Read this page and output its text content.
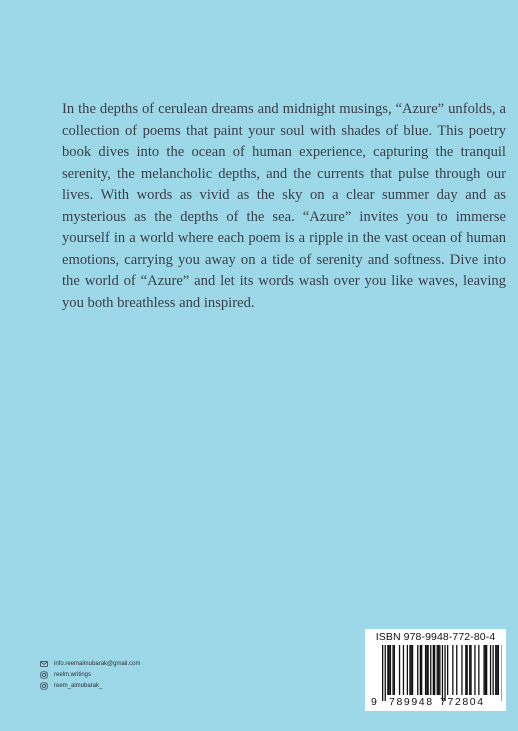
In the depths of cerulean dreams and midnight musings, “Azure” unfolds, a collection of poems that paint your soul with shades of blue. This poetry book dives into the ocean of human experience, capturing the tranquil serenity, the melancholic depths, and the currents that pulse through our lives. With words as vivid as the sky on a clear summer day and as mysterious as the depths of the sea. “Azure” invites you to immerse yourself in a world where each poem is a ripple in the vast ocean of human emotions, carrying you away on a tide of serenity and softness. Dive into the world of “Azure” and let its words wash over you like waves, leaving you both breathless and inspired.

info.reemalmubarak@gmail.com
reelm.writings
reem_almubarak_
ISBN 978-9948-772-80-4
9 789948 772804
